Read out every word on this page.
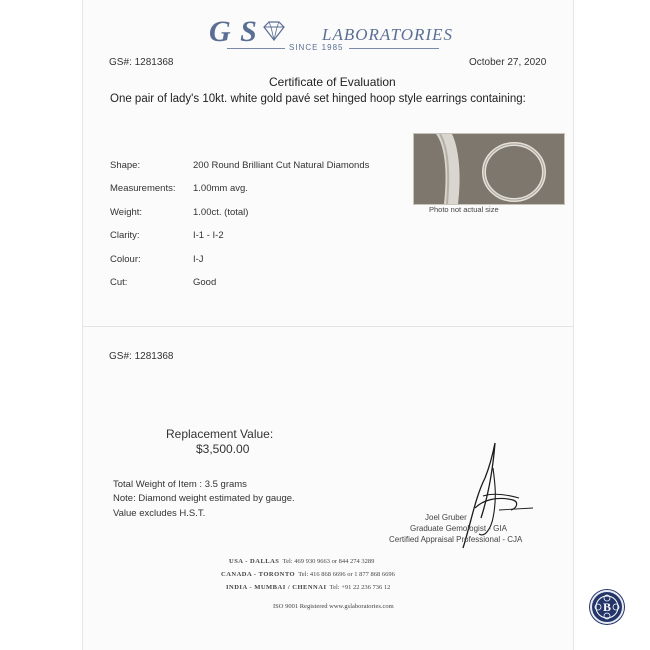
G S	LABORATORIES
SINCE 1985
GS#: 1281368	October 27, 2020
Certificate of Evaluation
One pair of lady's 10kt. white gold pavé set hinged hoop style earrings containing:
Shape:	200 Round Brilliant Cut Natural Diamonds
Measurements: 1.00mm avg.
Weight:	1.00ct. (total)
Clarity:	I-1 - I-2
Colour:	I-J
Cut:	Good
Photo not actual size
GS#: 1281368
Replacement Value:
$3,500.00
Total Weight of Item : 3.5 grams
Note: Diamond weight estimated by gauge.
Value excludes H.S.T.	Joel Gruber
Graduate Gemologist - GIA
Certified Appraisal Professional - CJA
USA - DALLAS Tel: 469 930 9663 or 844 274 3289
CANADA - TORONTO Tel: 416 868 6696 or 1 877 868 6696
INDIA - MUMBAI / CHENNAI Tel: +91 22 236 736 12
ISO 9001 Registered www.gslaboratories.com	B
